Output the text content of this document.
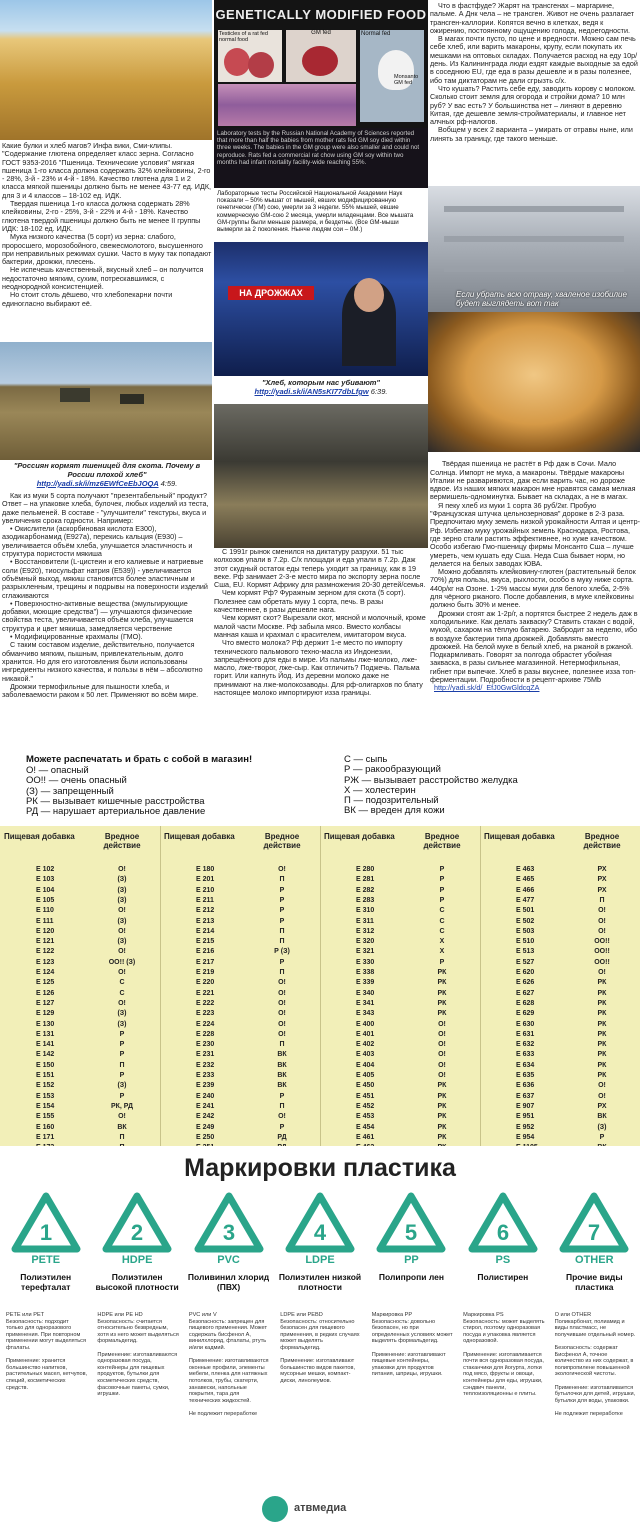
Какие булки и хлеб магов? Инфа вики, Сми-клипы. "Содержание глютена определяет класс зерна. Согласно ГОСТ 9353-2016 "Пшеница. Технические условия" мягкая пшеница 1-го класса должна содержать 32% клейковины, 2-го - 28%, 3-й - 23% и 4-й - 18%. Качество глютена для 1 и 2 класса мягкой пшеницы должно быть не менее 43-77 ед. ИДК, для 3 и 4 классов – 18-102 ед. ИДК.
Твердая пшеница 1-го класса должна содержать 28% клейковины, 2-го - 25%, 3-й - 22% и 4-й - 18%. Качество глютена твердой пшеницы должно быть не менее II группы ИДК: 18-102 ед. ИДК.
Мука низкого качества (5 сорт) из зерна: слабого, проросшего, морозобойного, свежесмолотого, высушенного при неправильных режимах сушки. Часто в муку так попадают бактерии, дрожжи, плесень.
Не испечешь качественный, вкусный хлеб – он получится недостаточно мягким, сухим, потрескавшимся, с неоднородной консистенцией.
Но стоит столь дёшево, что хлебопекарни почти единогласно выбирают её.
"Россиян кормят пшеницей для скота. Почему в России плохой хлеб"
http://yadi.sk/i/mz6EWfCeEbJOQA 4:59.
Как из муки 5 сорта получают "презентабельный" продукт? Ответ – на упаковке хлеба, булочек, любых изделий из теста, даже пельменей. В составе - "улучшители" текстуры, вкуса и увеличения срока годности. Например:
• Окислители (аскорбиновая кислота Е300), азодикарбонамид (Е927а), перекись кальция (Е930) – увеличивается объём хлеба, улучшается эластичность и структура пористости мякиша
• Восстановители (L-цистеин и его калиевые и натриевые соли (Е920), тиосульфат натрия (Е539)) - увеличивается объёмный выход, мякиш становится более эластичным и разрыхленным, трещины и подрывы на поверхности изделий сглаживаются
• Поверхностно-активные вещества (эмульгирующие добавки, моющие средства") — улучшаются физические свойства теста, увеличивается объём хлеба, улучшается структура и цвет мякиша, замедляется черствение
• Модифицированные крахмалы (ГМО).
С таким составом изделие, действительно, получается обманчиво мягким, пышным, привлекательным, долго хранится. Но для его изготовления были использованы ингредиенты низкого качества, и пользы в нём – абсолютно никакой."
Дрожжи термофильные для пышности хлеба, и заболеваемости раком к 50 лет. Применяют во всём мире.
GENETICALLY MODIFIED FOOD
Testicles of a rat fed normal food
GM fed	Normal fed
Monsanto GM fed
Laboratory tests by the Russian National Academy of Sciences reported that more than half the babies from mother rats fed GM soy died within three weeks. The babies in the GM group were also smaller and could not reproduce. Rats fed a commercial rat chow using GM soy within two months had infant mortality facility-wide reaching 55%.
Лабораторные тесты Российской Национальной Академии Наук показали – 50% мышат от мышей, евших модифицированную генетически (ГМ) сою, умерли за 3 недели. 55% мышей, евшие коммерческую GM-сою 2 месяца, умерли младенцами. Все мышата GM-группы были меньше размера, и бездетны. (Все GM-мыши вымерли за 2 поколения. Нынче людям сои – 0M.)
НА ДРОЖЖАХ
"Хлеб, которым нас убивают"
http://yadi.sk/i/AN5sKI77dbLfgw 6:39.
С 1991г рынок сменился на диктатуру разрухи. 51 тыс колхозов упали в 7.2р. С/х площади и еда упали в 7.2р. Даж этот скудный остаток еды теперь уходит за границу, как в 19 веке. Рф занимает 2-3-е место мира по экспорту зерна после Сша, EU. Кормят Африку для размножения 20-30 детей/семья.
Чем кормят Рф? Фуражным зерном для скота (5 сорт). Полезнее сам обретать муку 1 сорта, печь. В разы качественнее, в разы дешевле нага.
Чем кормят скот? Вырезали скот, мясной и молочный, кроме малой части Москве. Рф забыла мясо. Вместо колбасы манная каша и крахмал с красителем, имитатором вкуса.
Что вместо молока? Рф держит 1-е место по импорту технического пальмового техно-масла из Индонезии, запрещённого для еды в мире. Из пальмы лже-молоко, лже-масло, лже-творог, лже-сыр. Как отличить? Поджечь. Пальма горит. Или капнуть Йод. Из деревни молоко даже не принимают на лже-молокозаводы. Для рф-олигархов по блату настоящее молоко импортируют изза границы.
Что в фастфуде? Жарят на трансгенах – маргарине, пальме. А Днк чела – не трансген. Живот не очень разлагает трансген-каллории. Копятся вечно в клетках, ведя к ожирению, постоянному ощущению голода, недоегодности.
В магах почти пусто, по цене и вредности. Можно сам печь себе хлеб, или варить макароны, крупу, если покупать их мешками на оптовых складах. Получается расход на еду 10р/день. Из Калининграда люди ездят каждые выходные за едой в соседнюю EU, где еда в разы дешевле и в разы полезнее, ибо там диктаторам не дали сгрызть с/х.
Что кушать? Растить себе еду, заводить корову с молоком. Сколько стоит земля для огорода и стройки дома? 10 млн руб? У вас есть? У большинства нет – линяют в деревню Китая, где дешевле земля-стройматериалы, и главное нет алчных рф-налогов.
Вобщем у всех 2 варианта – умирать от отравы ныне, или линять за границу, где такого меньше.
Если убрать всю отраву, хваленое изобилие будет выглядеть вот так

Твёрдая пшеница не растёт в Рф даж в Сочи. Мало Солнца. Импорт не мука, а макароны. Твёрдые макароны Италии не разваривются, даж если варить час, но дороже вдвое. Из наших мягких макарон мне нравятся самая мелкая вермишель-одноминутка. Бывает на складах, а не в магах.
Я пеку хлеб из муки 1 сорта 36 руб/2кг. Пробую "Французская штучка цельнозерновая" дороже в 2-3 раза. Предпочитаю муку земель низкой урожайности Алтая и центр-Рф. Избегаю муку урожайных земель Краснодара, Ростова, где зерно стали растить эффективнее, но хуже качеством. Особо избегаю Гмо-пшеницу фирмы Монсанто Сша – лучше умереть, чем кушать еду Сша. Неда Сша бывает норм, но делается на белых заводах ЮВА.
Можно добавлять клейковину-глютен (растительный белок 70%) для пользы, вкуса, рыхлости, особо в муку ниже сорта. 440р/кг на Озоне. 1-2% массы муки для белого хлеба, 2-5% для чёрного ржаного. После добавления, в муке клейковины должно быть 30% и менее.
Дрожжи стоят аж 1-2р/г, а портятся быстрее 2 недель даж в холодильнике. Как делать закваску? Ставить стакан с водой, мукой, сахаром на тёплую батарею. Забродит за неделю, ибо в воздухе бактерии типа дрожжей. Добавлять вместо дрожжей. На белой муке в белый хлеб, на ржаной в ржаной. Подкармливать. Говорят за полгода обрастет убойная закваска, в разы сильнее магазинной. Нетермофильная, гибнет при выпечке. Хлеб в разы вкуснее, полезнее изза топ-ферментации. Подробности в рецепт-архиве 75Mb
http://yadi.sk/d/_EfJ0GwGldcqZA

Можете распечатать и брать с собой в магазин!
О! — опасный
ОО!! — очень опасный
(З) — запрещенный
РК — вызывает кишечные расстройства
РД — нарушает артериальное давление
С — сыпь
Р — ракообразующий
РЖ — вызывает расстройство желудка
Х — холестерин
П — подозрительный
ВК — вреден для кожи
Пищевая добавка	Вредное действие
Е 102	О!
Е 103	(З)
Е 104	(З)
Е 105	(З)
Е 110	О!
Е 111	(З)
Е 120	О!
Е 121	(З)
Е 122	О!
Е 123	ОО!! (З)
Е 124	О!
Е 125	С
Е 126	С
Е 127	О!
Е 129	(З)
Е 130	(З)
Е 131	Р
Е 141	Р
Е 142	Р
Е 150	П
Е 151	Р
Е 152	(З)
Е 153	Р
Е 154	РК, РД
Е 155	О!
Е 160	ВК
Е 171	П
Пищевая добавка	Вредное действие
Е 180	О!
Е 201	П
Е 210	Р
Е 211	Р
Е 212	Р
Е 213	Р
Е 214	П
Е 215	П
Е 216	Р (З)
Е 217	Р
Е 219	П
Е 220	О!
Е 221	О!
Е 222	О!
Е 223	О!
Е 224	О!
Е 228	О!
Е 230	П
Е 231	ВК
Е 232	ВК
Е 233	ВК
Е 239	ВК
Е 240	Р
Е 241	П
Е 242	О!
Е 249	Р
Е 250	РД
Пищевая добавка	Вредное действие
Е 280	Р
Е 281	Р
Е 282	Р
Е 283	Р
Е 310	С
Е 311	С
Е 312	С
Е 320	Х
Е 321	Х
Е 330	Р
Е 338	РК
Е 339	РК
Е 340	РК
Е 341	РК
Е 343	РК
Е 400	О!
Е 401	О!
Е 402	О!
Е 403	О!
Е 404	О!
Е 405	О!
Е 450	РК
Е 451	РК
Е 452	РК
Е 453	РК
Е 454	РК
Е 461	РК
Пищевая добавка	Вредное действие
Е 463	РХ
Е 465	РХ
Е 466	РХ
Е 477	П
Е 501	О!
Е 502	О!
Е 503	О!
Е 510	ОО!!
Е 513	ОО!!
Е 527	ОО!!
Е 620	О!
Е 626	РК
Е 627	РК
Е 628	РК
Е 629	РК
Е 630	РК
Е 631	РК
Е 632	РК
Е 633	РК
Е 634	РК
Е 635	РК
Е 636	О!
Е 637	О!
Е 907	РХ
Е 951	ВК
Е 952	(З)
Е 954	Р
Маркировки пластика
1
PETE
Полиэтилен терефталат
PETE или PET
Безопасность: подходит только для одноразового применения. При повторном применении могут выделяться фталаты.

Применение: хранится большинство напитков, растительных масел, кетчупов, специй, косметических средств.
2
HDPE
Полиэтилен высокой плотности
HDPE или PE HD
Безопасность: считается относительно безвредным, хотя из него может выделяться формальдегид.

Применение: изготавливаются одноразовая посуда, контейнеры для пищевых продуктов, бутылки для косметических средств, фасовочные пакеты, сумки, игрушки.
3
PVC
Поливинил хлорид (ПВХ)
PVC или V
Безопасность: запрещен для пищевого применения. Может содержать бисфенол А, винилхлорид, фталаты, ртуть и/или кадмий.

Применение: изготавливаются оконные профили, элементы мебели, пленка для натяжных потолков, трубы, скатерти, занавески, напольные покрытия, тара для технических жидкостей.

Не подлежит переработке
4
LDPE
Полиэтилен низкой плотности
LDPE или PEBD
Безопасность: относительно безопасен для пищевого применения, в редких случаях может выделять формальдегид.

Применение: изготавливают большинство видов пакетов, мусорные мешки, компакт-диски, линолеумов.
5
PP
Полипропи лен
Маркировка PP
Безопасность: довольно безопасен, но при определенных условиях может выделять формальдегид.

Применение: изготавливают пищевые контейнеры, упаковки для продуктов питания, шприцы, игрушки.
6
PS
Полистирен
Маркировка PS
Безопасность: может выделять стирол, поэтому одноразовая посуда и упаковка является одноразовой.

Применение: изготавливается почти вся одноразовая посуда, стаканчики для йогурта, лотки под мясо, фрукты и овощи, контейнеры для еды, игрушки, сэндвич панели, теплоизоляционны е плиты.
7
OTHER
Прочие виды пластика
О или OTHER
Поликарбонат, полиамид и виды пластмасс, не получившие отдельный номер.

Безопасность: содержат Бисфенол А, точное количество из них содержат, в полипропилене повышенной экологической чистоты.

Применение: изготавливается бутылочки для детей, игрушки, бутылки для воды, упаковки.

Не подлежит переработке
атвмедиа
